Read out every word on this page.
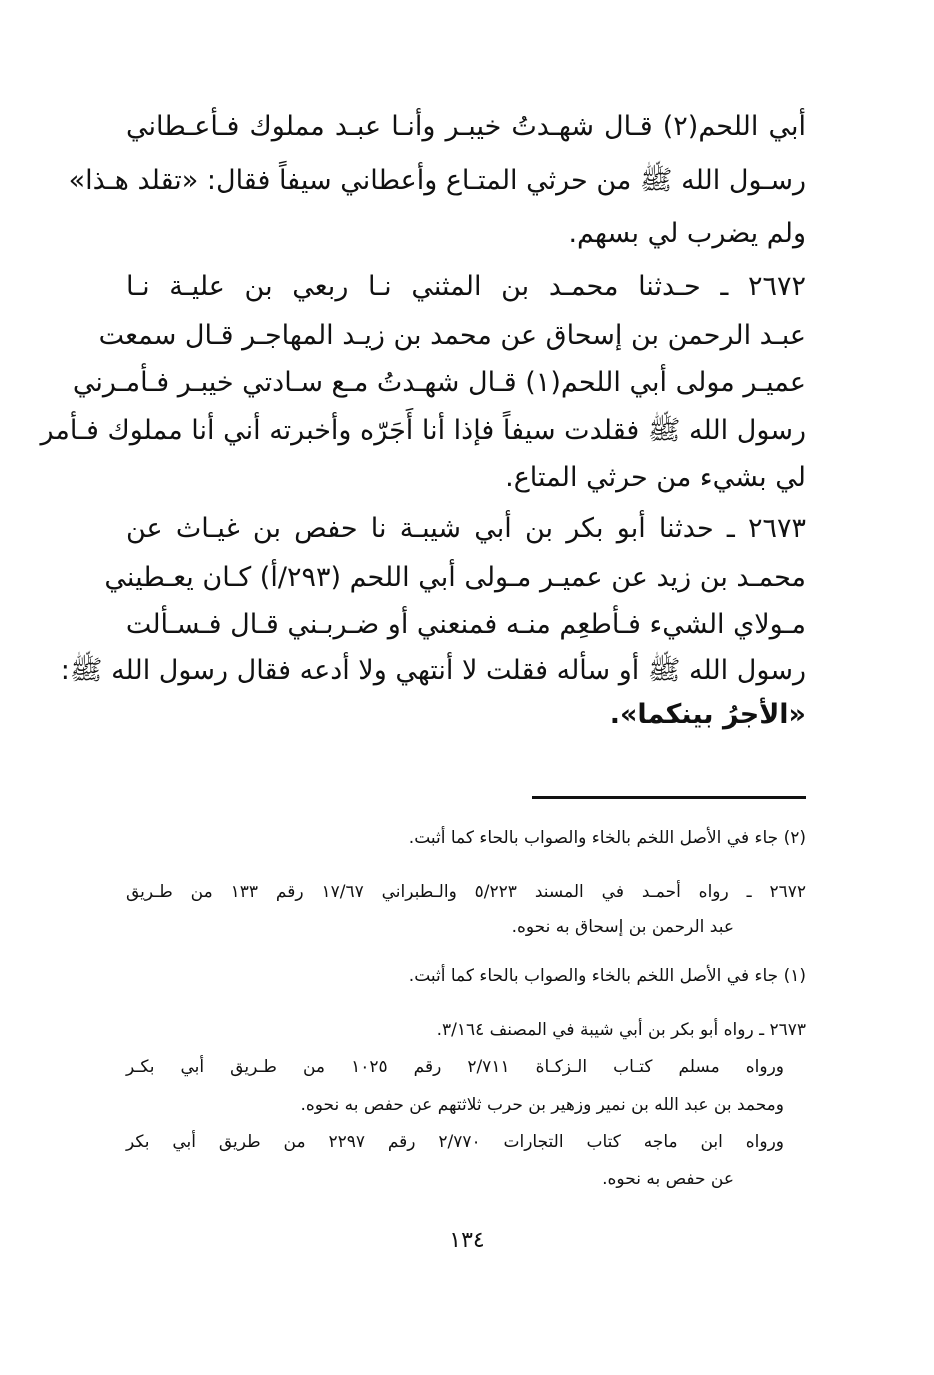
أبي اللحم(٢) قـال شهـدتُ خيبـر وأنـا عبـد مملوك فـأعـطاني
رسـول الله ﷺ من حرثي المتـاع وأعطاني سيفاً فقال: «تقلد هـذا»
ولم يضرب لي بسهم.
٢٦٧٢ ـ حـدثنا محمـد بن المثني نـا ربعي بن عليـة نـا
عبـد الرحمن بن إسحاق عن محمد بن زيـد المهاجـر قـال سمعت
عميـر مولى أبي اللحم(١) قـال شهـدتُ مـع سـادتي خيبـر فـأمـرني
رسول الله ﷺ فقلدت سيفاً فإذا أنا أَجَرّه وأخبرته أني أنا مملوك فـأمر
لي بشيء من حرثي المتاع.
٢٦٧٣ ـ حدثنا أبو بكر بن أبي شيبـة نا حفص بن غيـاث عن
محمـد بن زيد عن عميـر مـولى أبي اللحم (٢٩٣/أ) كـان يعـطيني
مـولاي الشيء فـأطعِم منـه فمنعني أو ضـربـني قـال فـسـألت
رسول الله ﷺ أو سأله فقلت لا أنتهي ولا أدعه فقال رسول الله ﷺ:
«الأجرُ بينكما».
(٢) جاء في الأصل اللخم بالخاء والصواب بالحاء كما أثبت.
٢٦٧٢ ـ رواه أحمـد في المسند ٥/٢٢٣ والـطبراني ١٧/٦٧ رقم ١٣٣ من طـريق
عبد الرحمن بن إسحاق به نحوه.
(١) جاء في الأصل اللخم بالخاء والصواب بالحاء كما أثبت.
٢٦٧٣ ـ رواه أبو بكر بن أبي شيبة في المصنف ٣/١٦٤.
ورواه مسلم كتـاب الـزكـاة ٢/٧١١ رقم ١٠٢٥ من طـريق أبي بكـر
ومحمد بن عبد الله بن نمير وزهير بن حرب ثلاثتهم عن حفص به نحوه.
ورواه ابن ماجه كتاب التجارات ٢/٧٧٠ رقم ٢٢٩٧ من طريق أبي بكر
عن حفص به نحوه.
١٣٤
